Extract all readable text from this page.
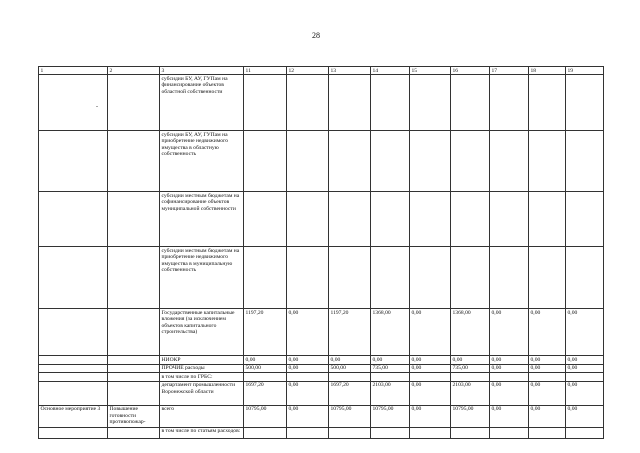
28
.
1	2	3	11	12	13	14	15	16	17	18	19
		субсидии БУ, АУ, ГУПам на финансирование объектов областной собственности									
		субсидии БУ, АУ, ГУПам на приобретение недвижимого имущества в областную собственность									
		субсидии местным бюджетам на софинансирование объектов муниципальной собственности									
		субсидии местным бюджетам на приобретение недвижимого имущества в муниципальную собственность									
		Государственные капитальные вложения (за исключением объектов капитального строительства)	1197,20	0,00	1197,20	1368,00	0,00	1368,00	0,00	0,00	0,00
		НИОКР	0,00	0,00	0,00	0,00	0,00	0,00	0,00	0,00	0,00
		ПРОЧИЕ расходы	500,00	0,00	500,00	735,00	0,00	735,00	0,00	0,00	0,00
		в том числе по ГРБС:									
		департамент промышленности Воронежской области	1697,20	0,00	1697,20	2103,00	0,00	2103,00	0,00	0,00	0,00
Основное мероприятие 3	Повышение готовности противопожар-	всего	10795,00	0,00	10795,00	10795,00	0,00	10795,00	0,00	0,00	0,00
		в том числе по статьям расходов:									
